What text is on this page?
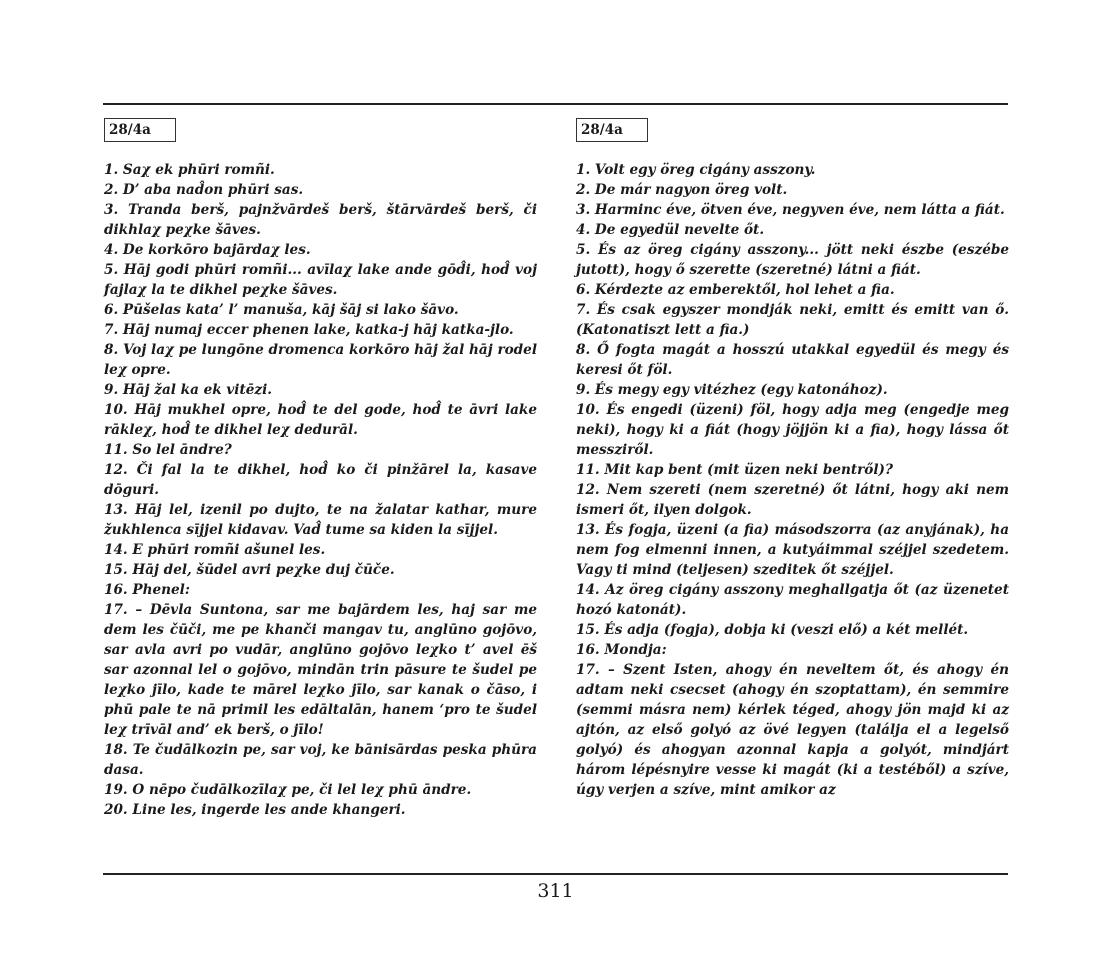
28/4a
1. Saχ ek phūri romñi.
2. D’ aba nad̂on phūri sas.
3. Tranda berš, pajnžvārdeš berš, štārvārdeš berš, či dikhlaχ peχke šāves.
4. De korkōro bajārdaχ les.
5. Hāj godi phūri romñi... avīlaχ lake ande gōd̂i, hod̂ voj fajlaχ la te dikhel peχke šāves.
6. Pūšelas kata’ l’ manuša, kāj šāj si lako šāvo.
7. Hāj numaj eccer phenen lake, katka-j hāj katka-jlo.
8. Voj laχ pe lungōne dromenca korkōro hāj žal hāj rodel leχ opre.
9. Hāj žal ka ek vitēzi.
10. Hāj mukhel opre, hod̂ te del gode, hod̂ te āvri lake rākleχ, hod̂ te dikhel leχ dedurāl.
11. So lel āndre?
12. Či fal la te dikhel, hod̂ ko či pinžārel la, kasave dōguri.
13. Hāj lel, izenil po dujto, te na žalatar kathar, mure žukhlenca sījjel kidavav. Vad̂ tume sa kiden la sījjel.
14. E phūri romñi ašunel les.
15. Hāj del, šūdel avri peχke duj čūče.
16. Phenel:
17. – Dēvla Suntona, sar me bajārdem les, haj sar me dem les čūči, me pe khanči mangav tu, anglūno gojōvo, sar avla avri po vudār, anglūno gojōvo leχko t’ avel ēš sar azonnal lel o gojōvo, mindān trin pāsure te šudel pe leχko jīlo, kade te mārel leχko jīlo, sar kanak o čāso, i phū pale te nā primil les edāltalān, hanem ‘pro te šudel leχ trīvāl and’ ek berš, o jīlo!
18. Te čudālkozin pe, sar voj, ke bānisārdas peska phūra dasa.
19. O nēpo čudālkozīlaχ pe, či lel leχ phū āndre.
20. Line les, ingerde les ande khangeri.
28/4a
1. Volt egy öreg cigány asszony.
2. De már nagyon öreg volt.
3. Harminc éve, ötven éve, negyven éve, nem látta a fiát.
4. De egyedül nevelte őt.
5. És az öreg cigány asszony... jött neki észbe (eszébe jutott), hogy ő szerette (szeretné) látni a fiát.
6. Kérdezte az emberektől, hol lehet a fia.
7. És csak egyszer mondják neki, emitt és emitt van ő. (Katonatiszt lett a fia.)
8. Ő fogta magát a hosszú utakkal egyedül és megy és keresi őt föl.
9. És megy egy vitézhez (egy katonához).
10. És engedi (üzeni) föl, hogy adja meg (engedje meg neki), hogy ki a fiát (hogy jöjjön ki a fia), hogy lássa őt messziről.
11. Mit kap bent (mit üzen neki bentről)?
12. Nem szereti (nem szeretné) őt látni, hogy aki nem ismeri őt, ilyen dolgok.
13. És fogja, üzeni (a fia) másodszorra (az anyjának), ha nem fog elmenni innen, a kutyáimmal széjjel szedetem. Vagy ti mind (teljesen) szeditek őt széjjel.
14. Az öreg cigány asszony meghallgatja őt (az üzenetet hozó katonát).
15. És adja (fogja), dobja ki (veszi elő) a két mellét.
16. Mondja:
17. – Szent Isten, ahogy én neveltem őt, és ahogy én adtam neki csecset (ahogy én szoptattam), én semmire (semmi másra nem) kérlek téged, ahogy jön majd ki az ajtón, az első golyó az övé legyen (találja el a legelső golyó) és ahogyan azonnal kapja a golyót, mindjárt három lépésnyire vesse ki magát (ki a testéből) a szíve, úgy verjen a szíve, mint amikor az
311
